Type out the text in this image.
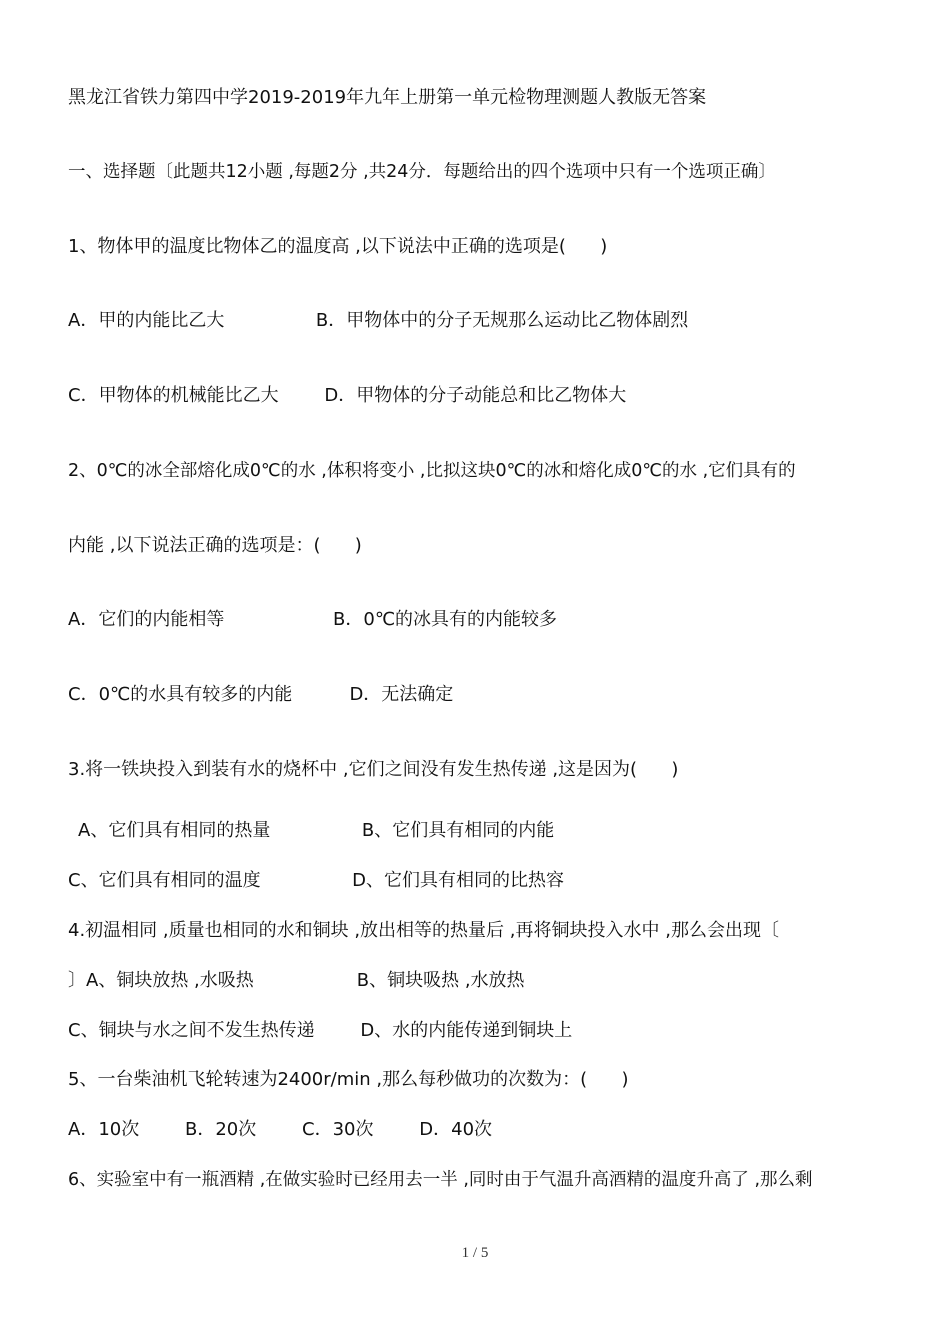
黑龙江省铁力第四中学2019-2019年九年上册第一单元检物理测题人教版无答案
一、选择题〔此题共12小题 ,每题2分 ,共24分．每题给出的四个选项中只有一个选项正确〕
1、物体甲的温度比物体乙的温度高 ,以下说法中正确的选项是(      )
A．甲的内能比乙大                B．甲物体中的分子无规那么运动比乙物体剧烈
C．甲物体的机械能比乙大        D．甲物体的分子动能总和比乙物体大
2、0℃的冰全部熔化成0℃的水 ,体积将变小 ,比拟这块0℃的冰和熔化成0℃的水 ,它们具有的
内能 ,以下说法正确的选项是：(      )
A．它们的内能相等                   B．0℃的冰具有的内能较多
C．0℃的水具有较多的内能          D．无法确定
3.将一铁块投入到装有水的烧杯中 ,它们之间没有发生热传递 ,这是因为(      )
A、它们具有相同的热量                B、它们具有相同的内能
C、它们具有相同的温度                D、它们具有相同的比热容
4.初温相同 ,质量也相同的水和铜块 ,放出相等的热量后 ,再将铜块投入水中 ,那么会出现〔
〕A、铜块放热 ,水吸热                  B、铜块吸热 ,水放热
C、铜块与水之间不发生热传递        D、水的内能传递到铜块上
5、一台柴油机飞轮转速为2400r/min ,那么每秒做功的次数为：(      )
A．10次        B．20次        C．30次        D．40次
6、实验室中有一瓶酒精 ,在做实验时已经用去一半 ,同时由于气温升高酒精的温度升高了 ,那么剩
1 / 5
